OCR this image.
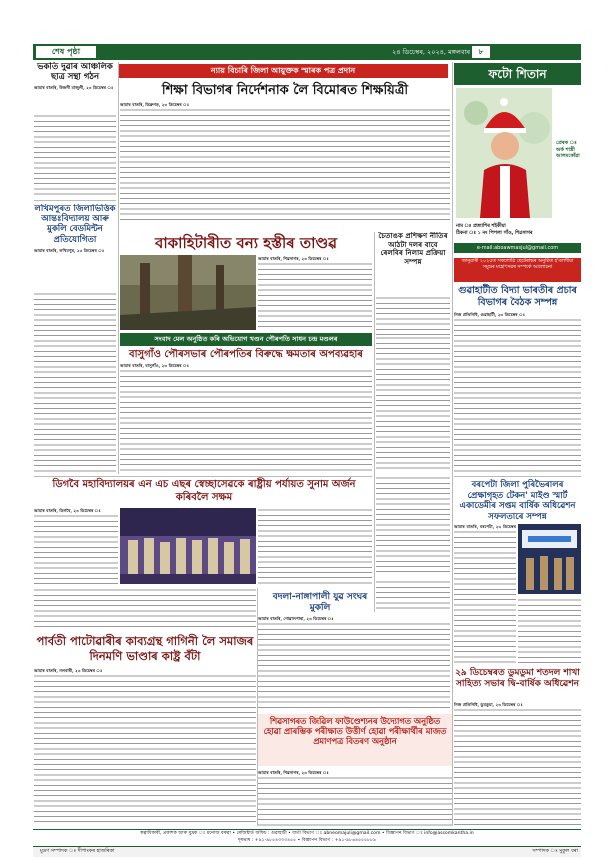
শেষ পৃষ্ঠা	২৪ ডিচেম্বৰ, ২০২৪, মঙ্গলবাৰ	৮
ন্যায় বিচাৰি জিলা আয়ুক্তক স্মাৰক পত্ৰ প্ৰদান
ভকতি দুৱাৰ আঞ্চলিক ছাত্ৰ সন্থা গঠন
আমাৰ বাতৰি, উজনী মাজুলী, ২৩ ডিচেম্বৰ ঃ
লখিমপুৰত জিলাভিত্তিক আন্তঃবিদ্যালয় আৰু মুকলি বেডমিন্টন প্ৰতিযোগিতা
আমাৰ বাতৰি, লখিমপুৰ, ২৩ ডিচেম্বৰ ঃ
শিক্ষা বিভাগৰ নিৰ্দেশনাক লৈ বিমোৰত শিক্ষয়িত্ৰী
আমাৰ বাতৰি, ডিব্ৰুগড়, ২৩ ডিচেম্বৰ ঃ
ফটো শিতান
প্ৰেৰক ঃ অৰ্ক শাস্ত্ৰী আলমকোঁৱা
নাম ঃ প্ৰত্যাশিৰ শইকীয়া
ঠিকনা ঃ ১ নং পিপলা গাঁও, শিৱসাগৰ
e-mail:aboawmasjul@gmail.com
চৈতাঙক প্ৰশিক্ষণ নীতিৰ আঠটা দলৰ বাবে ৰেলবিৰ নিলাম প্ৰক্ৰিয়া সম্পন্ন
বাকাহিটাৰীত বন্য হস্তীৰ তাণ্ডৱ
আমাৰ বাতৰি, শিৱসাগৰ, ২৩ ডিচেম্বৰ ঃ
সংবাদ মেল অনুষ্ঠিত কৰি অভিযোগ খণ্ডন পৌৰপতি সাধন চন্দ্ৰ মণ্ডলৰ
বাসুগাঁও পৌৰসভাৰ পৌৰপতিৰ বিৰুদ্ধে ক্ষমতাৰ অপব্যৱহাৰ
আমাৰ বাতৰি, বাসুগাঁও, ২৩ ডিচেম্বৰ ঃ
জানুৱাৰী ২০২৫ত সকলোৱি ছেটেৰাভৰ অনুষ্ঠিত হ'বলগীয়া সমুদ্ৰৰ মহোৎসৱৰ সম্পৰ্কে আলোচনা
গুৱাহাটীত বিদ্যা ভাৰতীৰ প্ৰচাৰ বিভাগৰ বৈঠক সম্পন্ন
নিজ প্ৰতিনিধি, গুৱাহাটী, ২৩ ডিচেম্বৰ ঃ
ডিগবৈ মহাবিদ্যালয়ৰ এন এচ এছৰ স্বেচ্ছাসেৱকে ৰাষ্ট্ৰীয় পৰ্যায়ত সুনাম অৰ্জন কৰিবলৈ সক্ষম
আমাৰ বাতৰি, ডিগবৈ, ২৩ ডিচেম্বৰ ঃ
বদলা-নাঙ্গাপালী যুৱ সংঘৰ মুকলি
আমাৰ বাতৰি, গোৱালপাৰা, ২৩ ডিচেম্বৰ ঃ
পাৰ্বতী পাটোৱাৰীৰ কাব্যগ্ৰন্থ গাগিনী লৈ সমাজৰ দিনমণি ভাণ্ডাৰ কাষ্ট্ৰ বঁটা
আমাৰ বাতৰি, নলবাৰী, ২৩ ডিচেম্বৰ ঃ
শিৱসাগৰত জিৱিল ফাউণ্ডেশ্যনৰ উদ্যোগত অনুষ্ঠিত হোৱা প্ৰাৰম্ভিক পৰীক্ষাত উত্তীৰ্ণ হোৱা পৰীক্ষাৰ্থীৰ মাজত প্ৰমাণপত্ৰ বিতৰণ অনুষ্ঠান
আমাৰ বাতৰি, শিৱসাগৰ, ২৩ ডিচেম্বৰ ঃ
বৰপেটা জিলা পুৰিভৈৰালৰ প্ৰেক্ষাগৃহত টেকন' মাইণ্ড স্মাৰ্ট একাডেমীৰ সপ্তম বাৰ্ষিক অধিৱেশন সফলতাৰে সম্পন্ন
আমাৰ বাতৰি, বৰপেটা, ২৩ ডিচেম্বৰ
২৯ ডিচেম্বৰত ডুমডুমা শতদল শাখা সাহিত্য সভাৰ দ্বি-বাৰ্ষিক অধিৱেশন
নিজ প্ৰতিনিধি, ডুমডুমা, ২৩ ডিচেম্বৰ ঃ
স্বত্বাধিকাৰী, প্ৰকাশক আৰু মুদ্ৰক ঃ মনোজ বৰুৱা • ৰেজিষ্টাৰ্ড অফিচ : গুৱাহাটী • বাৰ্তা বিভাগ ঃ abneomajuli@gmail.com • বিজ্ঞাপন বিভাগ ঃ info@assomkantha.in
দূৰভাষ : +৯১-৯৮৫৪৩৩৩৪৫৫ • বিজ্ঞাপন বিভাগ : +৯১-৯৮৬৪৫৫৫৮৮৯
মুদ্ৰণ সম্পাদক ঃ দীপাংকৰ হাজৰিকা	সম্পাদক ঃ মুকুল বৰা
